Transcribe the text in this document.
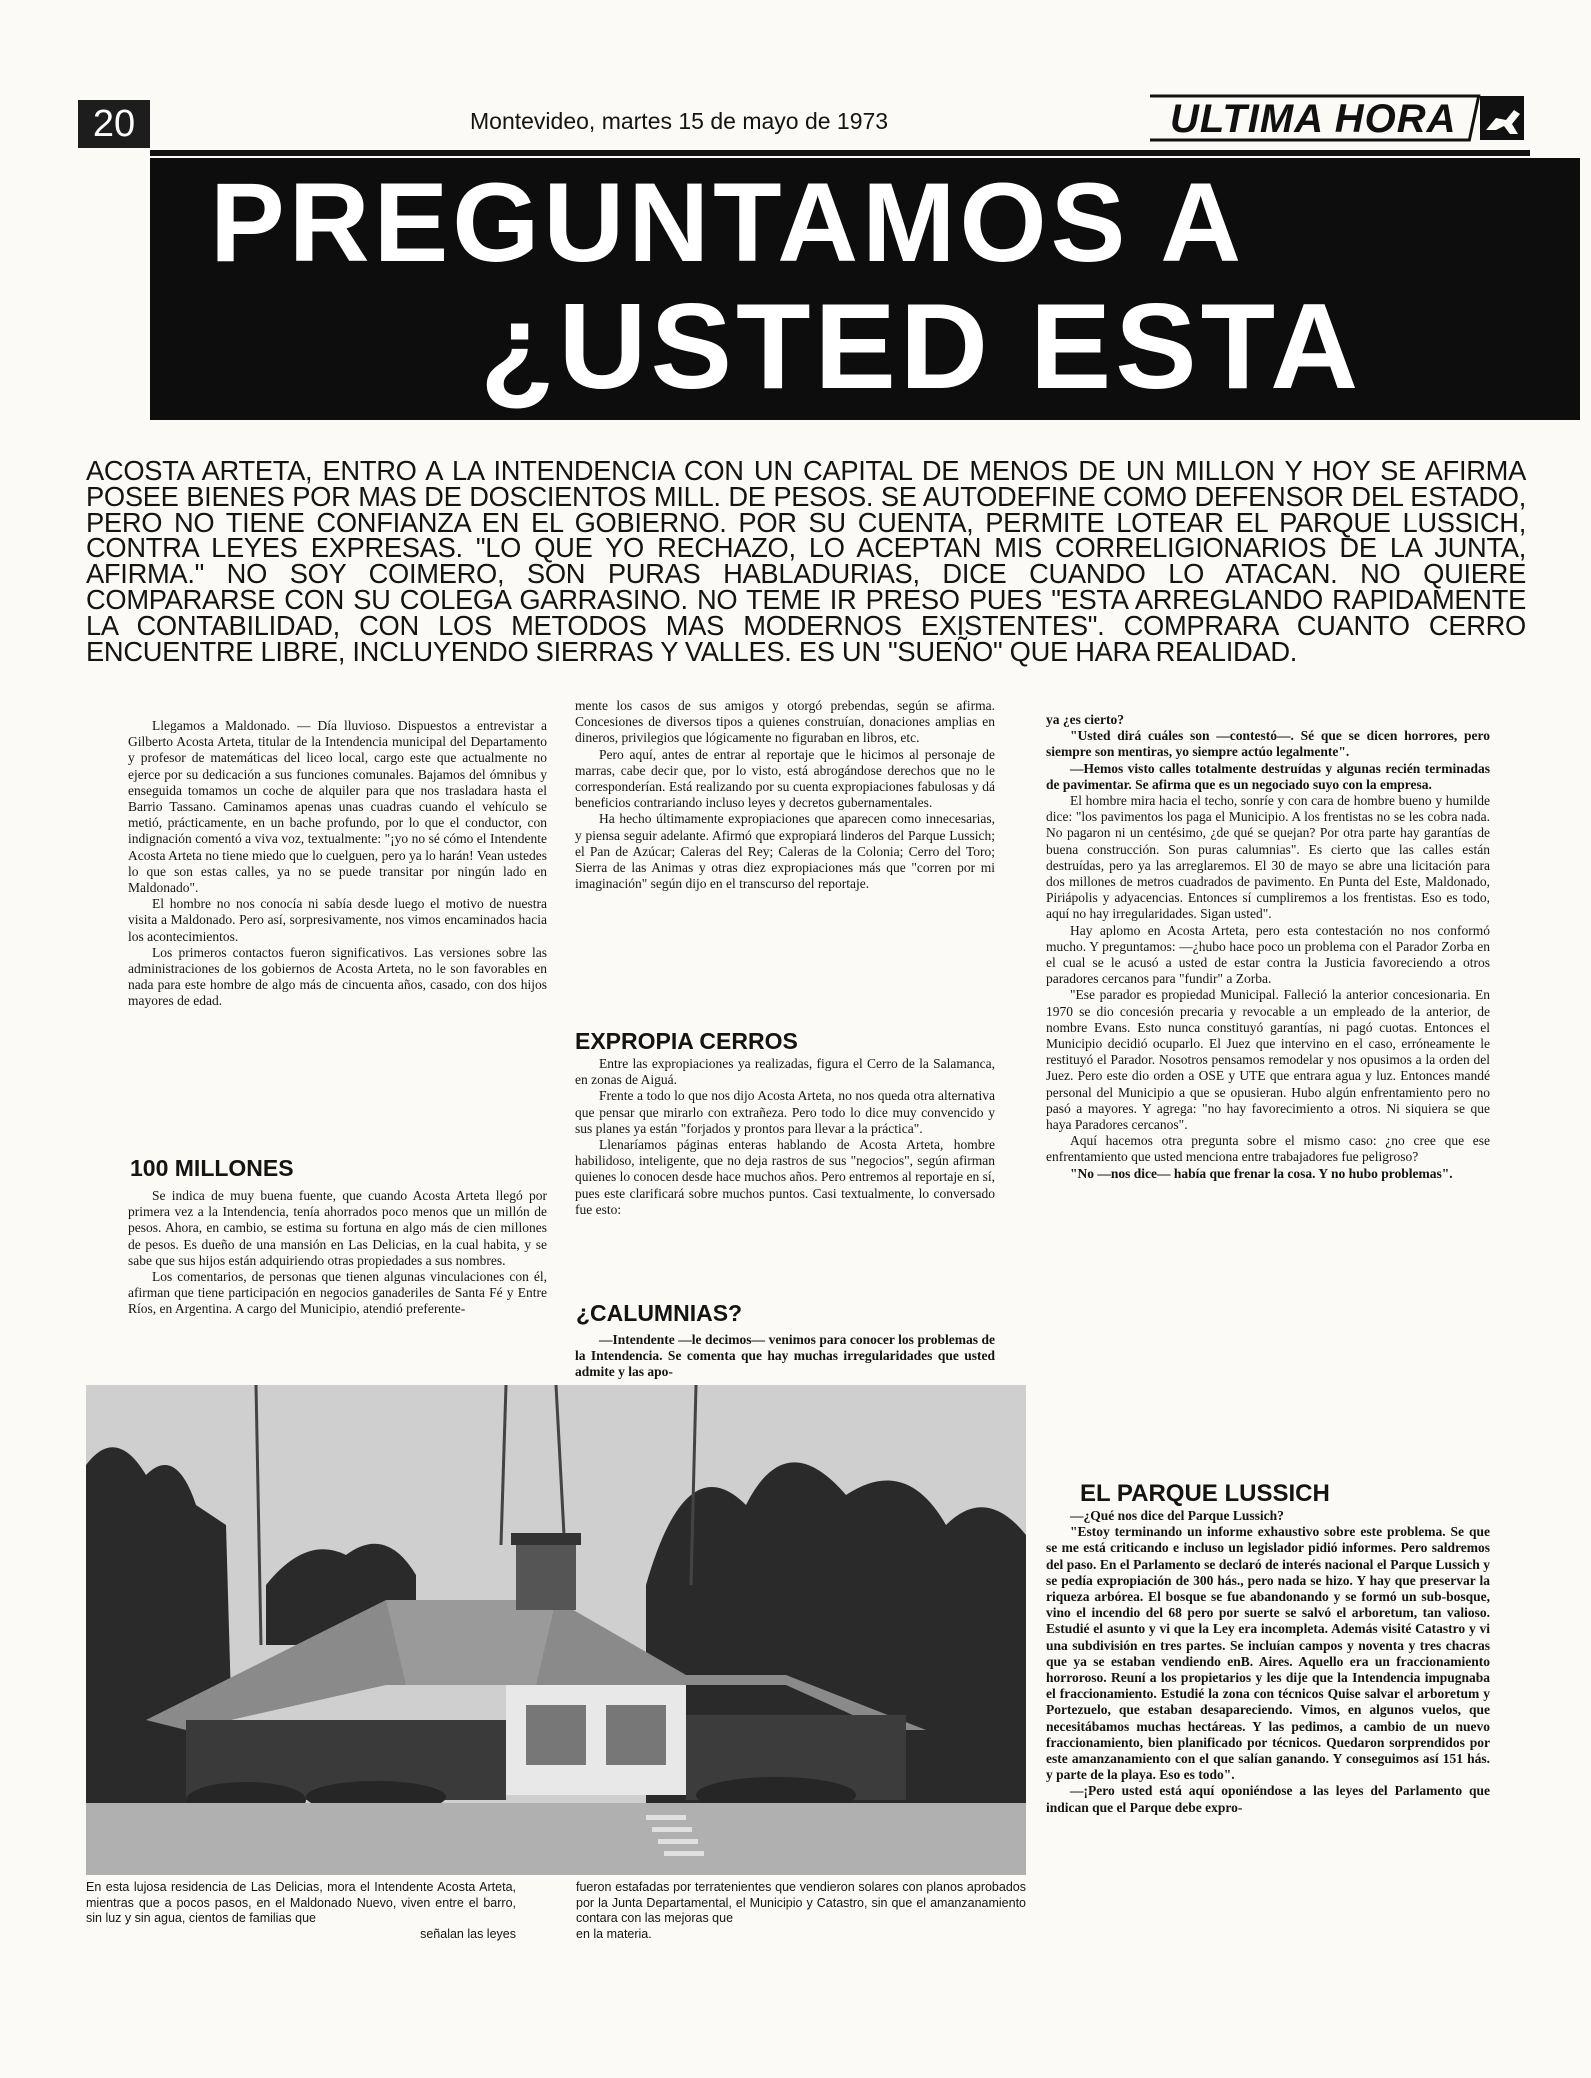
20	Montevideo, martes 15 de mayo de 1973	ULTIMA HORA
PREGUNTAMOS A
¿USTED ESTA
ACOSTA ARTETA, ENTRO A LA INTENDENCIA CON UN CAPITAL DE MENOS DE UN MILLON Y HOY SE AFIRMA POSEE BIENES POR MAS DE DOSCIENTOS MILL. DE PESOS. SE AUTODEFINE COMO DEFENSOR DEL ESTADO, PERO NO TIENE CONFIANZA EN EL GOBIERNO. POR SU CUENTA, PERMITE LOTEAR EL PARQUE LUSSICH, CONTRA LEYES EXPRESAS. "LO QUE YO RECHAZO, LO ACEPTAN MIS CORRELIGIONARIOS DE LA JUNTA, AFIRMA." NO SOY COIMERO, SON PURAS HABLADURIAS, DICE CUANDO LO ATACAN. NO QUIERE COMPARARSE CON SU COLEGA GARRASINO. NO TEME IR PRESO PUES "ESTA ARREGLANDO RAPIDAMENTE LA CONTABILIDAD, CON LOS METODOS MAS MODERNOS EXISTENTES". COMPRARA CUANTO CERRO ENCUENTRE LIBRE, INCLUYENDO SIERRAS Y VALLES. ES UN "SUEÑO" QUE HARA REALIDAD.

Llegamos a Maldonado. — Día lluvioso. Dispuestos a entrevistar a Gilberto Acosta Arteta, titular de la Intendencia municipal del Departamento y profesor de matemáticas del liceo local, cargo este que actualmente no ejerce por su dedicación a sus funciones comunales. Bajamos del ómnibus y enseguida tomamos un coche de alquiler para que nos trasladara hasta el Barrio Tassano. Caminamos apenas unas cuadras cuando el vehículo se metió, prácticamente, en un bache profundo, por lo que el conductor, con indignación comentó a viva voz, textualmente: "¡yo no sé cómo el Intendente Acosta Arteta no tiene miedo que lo cuelguen, pero ya lo harán! Vean ustedes lo que son estas calles, ya no se puede transitar por ningún lado en Maldonado".

El hombre no nos conocía ni sabía desde luego el motivo de nuestra visita a Maldonado. Pero así, sorpresivamente, nos vimos encaminados hacia los acontecimientos.

Los primeros contactos fueron significativos. Las versiones sobre las administraciones de los gobiernos de Acosta Arteta, no le son favorables en nada para este hombre de algo más de cincuenta años, casado, con dos hijos mayores de edad.

100 MILLONES

Se indica de muy buena fuente, que cuando Acosta Arteta llegó por primera vez a la Intendencia, tenía ahorrados poco menos que un millón de pesos. Ahora, en cambio, se estima su fortuna en algo más de cien millones de pesos. Es dueño de una mansión en Las Delicias, en la cual habita, y se sabe que sus hijos están adquiriendo otras propiedades a sus nombres.

Los comentarios, de personas que tienen algunas vinculaciones con él, afirman que tiene participación en negocios ganaderiles de Santa Fé y Entre Ríos, en Argentina. A cargo del Municipio, atendió preferente-

mente los casos de sus amigos y otorgó prebendas, según se afirma. Concesiones de diversos tipos a quienes construían, donaciones amplias en dineros, privilegios que lógicamente no figuraban en libros, etc.

Pero aquí, antes de entrar al reportaje que le hicimos al personaje de marras, cabe decir que, por lo visto, está abrogándose derechos que no le corresponderían. Está realizando por su cuenta expropiaciones fabulosas y dá beneficios contrariando incluso leyes y decretos gubernamentales.

Ha hecho últimamente expropiaciones que aparecen como innecesarias, y piensa seguir adelante. Afirmó que expropiará linderos del Parque Lussich; el Pan de Azúcar; Caleras del Rey; Caleras de la Colonia; Cerro del Toro; Sierra de las Animas y otras diez expropiaciones más que "corren por mi imaginación" según dijo en el transcurso del reportaje.

EXPROPIA CERROS

Entre las expropiaciones ya realizadas, figura el Cerro de la Salamanca, en zonas de Aiguá.

Frente a todo lo que nos dijo Acosta Arteta, no nos queda otra alternativa que pensar que mirarlo con extrañeza. Pero todo lo dice muy convencido y sus planes ya están "forjados y prontos para llevar a la práctica".

Llenaríamos páginas enteras hablando de Acosta Arteta, hombre habilidoso, inteligente, que no deja rastros de sus "negocios", según afirman quienes lo conocen desde hace muchos años. Pero entremos al reportaje en sí, pues este clarificará sobre muchos puntos. Casi textualmente, lo conversado fue esto:

¿CALUMNIAS?

—Intendente —le decimos— venimos para conocer los problemas de la Intendencia. Se comenta que hay muchas irregularidades que usted admite y las apo-

ya ¿es cierto?

"Usted dirá cuáles son —contestó—. Sé que se dicen horrores, pero siempre son mentiras, yo siempre actúo legalmente".

—Hemos visto calles totalmente destruídas y algunas recién terminadas de pavimentar. Se afirma que es un negociado suyo con la empresa.

El hombre mira hacia el techo, sonríe y con cara de hombre bueno y humilde dice: "los pavimentos los paga el Municipio. A los frentistas no se les cobra nada. No pagaron ni un centésimo, ¿de qué se quejan? Por otra parte hay garantías de buena construcción. Son puras calumnias". Es cierto que las calles están destruídas, pero ya las arreglaremos. El 30 de mayo se abre una licitación para dos millones de metros cuadrados de pavimento. En Punta del Este, Maldonado, Piriápolis y adyacencias. Entonces sí cumpliremos a los frentistas. Eso es todo, aquí no hay irregularidades. Sigan usted".

Hay aplomo en Acosta Arteta, pero esta contestación no nos conformó mucho. Y preguntamos: —¿hubo hace poco un problema con el Parador Zorba en el cual se le acusó a usted de estar contra la Justicia favoreciendo a otros paradores cercanos para "fundir" a Zorba.

"Ese parador es propiedad Municipal. Falleció la anterior concesionaria. En 1970 se dio concesión precaria y revocable a un empleado de la anterior, de nombre Evans. Esto nunca constituyó garantías, ni pagó cuotas. Entonces el Municipio decidió ocuparlo. El Juez que intervino en el caso, erróneamente le restituyó el Parador. Nosotros pensamos remodelar y nos opusimos a la orden del Juez. Pero este dio orden a OSE y UTE que entrara agua y luz. Entonces mandé personal del Municipio a que se opusieran. Hubo algún enfrentamiento pero no pasó a mayores. Y agrega: "no hay favorecimiento a otros. Ni siquiera se que haya Paradores cercanos".

Aquí hacemos otra pregunta sobre el mismo caso: ¿no cree que ese enfrentamiento que usted menciona entre trabajadores fue peligroso?

"No —nos dice— había que frenar la cosa. Y no hubo problemas".

EL PARQUE LUSSICH

—¿Qué nos dice del Parque Lussich?

"Estoy terminando un informe exhaustivo sobre este problema. Se que se me está criticando e incluso un legislador pidió informes. Pero saldremos del paso. En el Parlamento se declaró de interés nacional el Parque Lussich y se pedía expropiación de 300 hás., pero nada se hizo. Y hay que preservar la riqueza arbórea. El bosque se fue abandonando y se formó un sub-bosque, vino el incendio del 68 pero por suerte se salvó el arboretum, tan valioso. Estudié el asunto y vi que la Ley era incompleta. Además visité Catastro y vi una subdivisión en tres partes. Se incluían campos y noventa y tres chacras que ya se estaban vendiendo enB. Aires. Aquello era un fraccionamiento horroroso. Reuní a los propietarios y les dije que la Intendencia impugnaba el fraccionamiento. Estudié la zona con técnicos Quise salvar el arboretum y Portezuelo, que estaban desapareciendo. Vimos, en algunos vuelos, que necesitábamos muchas hectáreas. Y las pedimos, a cambio de un nuevo fraccionamiento, bien planificado por técnicos. Quedaron sorprendidos por este amanzanamiento con el que salían ganando. Y conseguimos así 151 hás. y parte de la playa. Eso es todo".

—¡Pero usted está aquí oponiéndose a las leyes del Parlamento que indican que el Parque debe expro-

En esta lujosa residencia de Las Delicias, mora el Intendente Acosta Arteta, mientras que a pocos pasos, en el Maldonado Nuevo, viven entre el barro, sin luz y sin agua, cientos de familias que
señalan las leyes
fueron estafadas por terratenientes que vendieron solares con planos aprobados por la Junta Departamental, el Municipio y Catastro, sin que el amanzanamiento contara con las mejoras que
en la materia.
